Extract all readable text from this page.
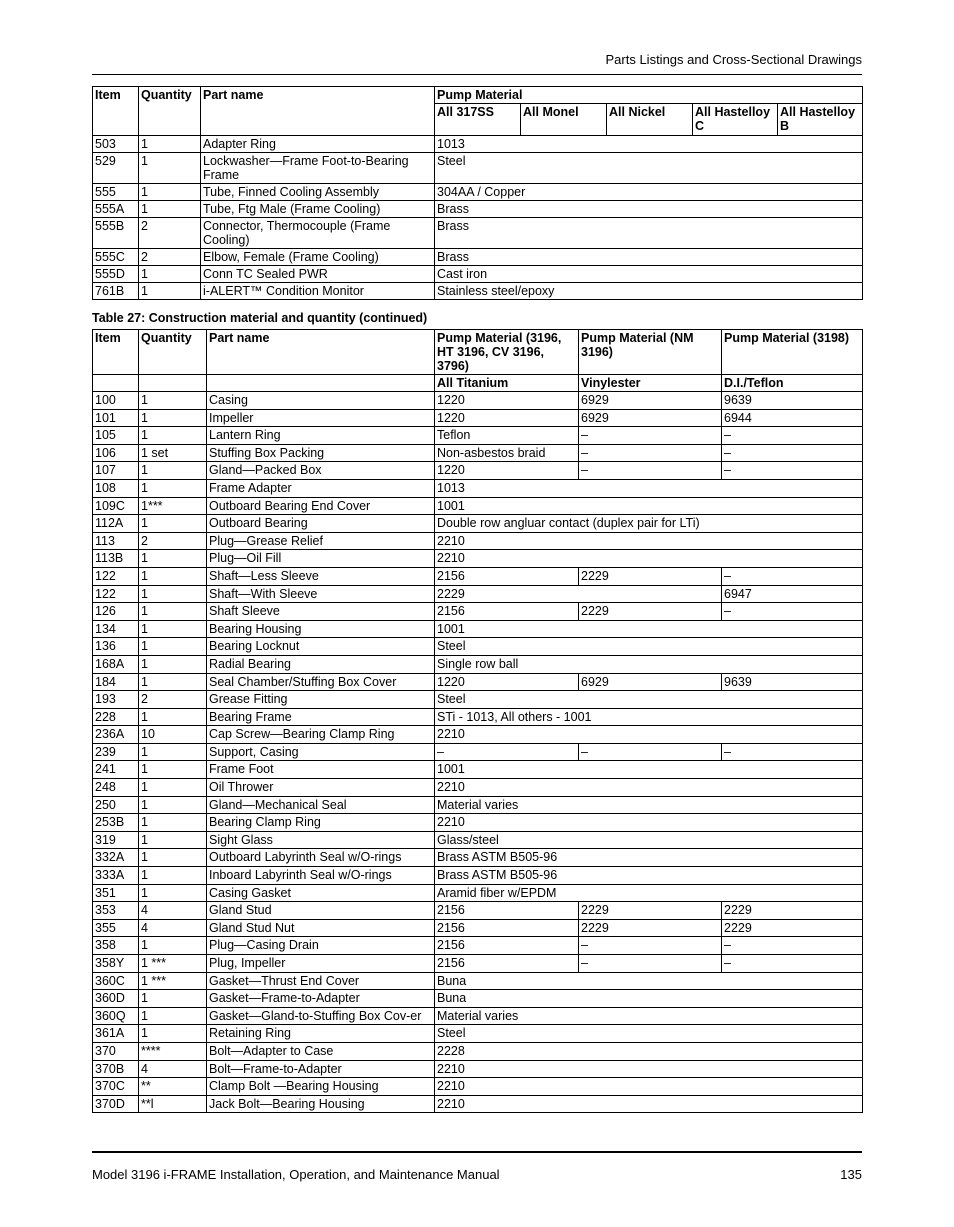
Parts Listings and Cross-Sectional Drawings
Item	Quantity	Part name	Pump Material				
			All 317SS	All Monel	All Nickel	All Hastelloy C	All Hastelloy B
503	1	Adapter Ring	1013				
529	1	Lockwasher—Frame Foot-to-Bearing Frame	Steel				
555	1	Tube, Finned Cooling Assembly	304AA / Copper				
555A	1	Tube, Ftg Male (Frame Cooling)	Brass				
555B	2	Connector, Thermocouple (Frame Cooling)	Brass				
555C	2	Elbow, Female (Frame Cooling)	Brass				
555D	1	Conn TC Sealed PWR	Cast iron				
761B	1	i-ALERT™ Condition Monitor	Stainless steel/epoxy				
Table 27: Construction material and quantity (continued)
Item	Quantity	Part name	Pump Material (3196, HT 3196, CV 3196, 3796)	Pump Material (NM 3196)	Pump Material (3198)
			All Titanium	Vinylester	D.I./Teflon
100	1	Casing	1220	6929	9639
101	1	Impeller	1220	6929	6944
105	1	Lantern Ring	Teflon	–	–
106	1 set	Stuffing Box Packing	Non-asbestos braid	–	–
107	1	Gland—Packed Box	1220	–	–
108	1	Frame Adapter	1013		
109C	1***	Outboard Bearing End Cover	1001		
112A	1	Outboard Bearing	Double row angluar contact (duplex pair for LTi)		
113	2	Plug—Grease Relief	2210		
113B	1	Plug—Oil Fill	2210		
122	1	Shaft—Less Sleeve	2156	2229	–
122	1	Shaft—With Sleeve	2229		6947
126	1	Shaft Sleeve	2156	2229	–
134	1	Bearing Housing	1001		
136	1	Bearing Locknut	Steel		
168A	1	Radial Bearing	Single row ball		
184	1	Seal Chamber/Stuffing Box Cover	1220	6929	9639
193	2	Grease Fitting	Steel		
228	1	Bearing Frame	STi - 1013, All others - 1001		
236A	10	Cap Screw—Bearing Clamp Ring	2210		
239	1	Support, Casing	–	–	–
241	1	Frame Foot	1001		
248	1	Oil Thrower	2210		
250	1	Gland—Mechanical Seal	Material varies		
253B	1	Bearing Clamp Ring	2210		
319	1	Sight Glass	Glass/steel		
332A	1	Outboard Labyrinth Seal w/O-rings	Brass ASTM B505-96		
333A	1	Inboard Labyrinth Seal w/O-rings	Brass ASTM B505-96		
351	1	Casing Gasket	Aramid fiber w/EPDM		
353	4	Gland Stud	2156	2229	2229
355	4	Gland Stud Nut	2156	2229	2229
358	1	Plug—Casing Drain	2156	–	–
358Y	1 ***	Plug, Impeller	2156	–	–
360C	1 ***	Gasket—Thrust End Cover	Buna		
360D	1	Gasket—Frame-to-Adapter	Buna		
360Q	1	Gasket—Gland-to-Stuffing Box Cov-er	Material varies		
361A	1	Retaining Ring	Steel		
370	****	Bolt—Adapter to Case	2228		
370B	4	Bolt—Frame-to-Adapter	2210		
370C	**	Clamp Bolt —Bearing Housing	2210		
370D	**l	Jack Bolt—Bearing Housing	2210		
Model 3196 i-FRAME Installation, Operation, and Maintenance Manual	135
